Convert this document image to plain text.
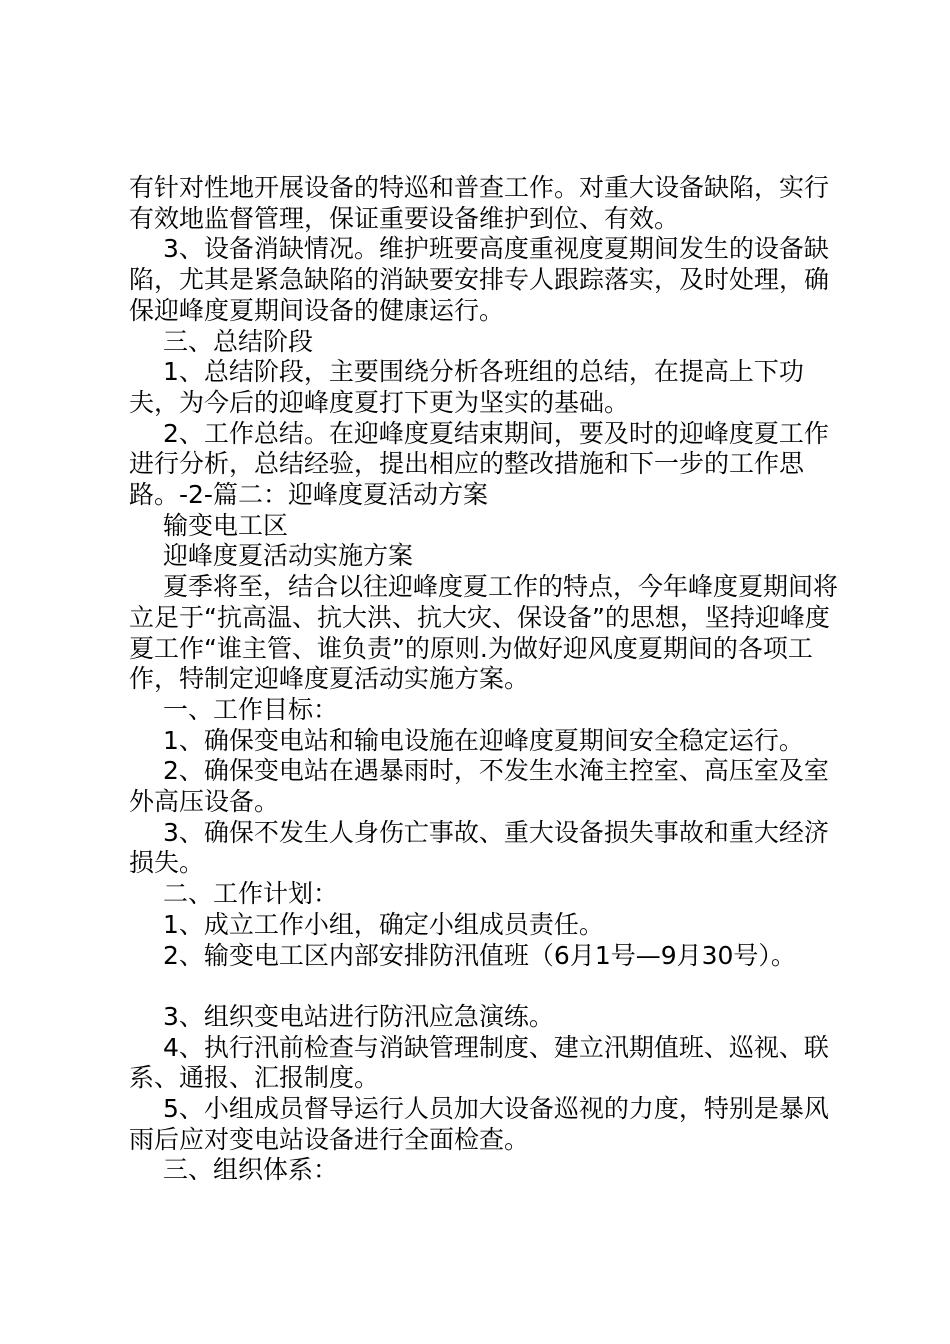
有针对性地开展设备的特巡和普查工作。对重大设备缺陷，实行有效地监督管理，保证重要设备维护到位、有效。

3、设备消缺情况。维护班要高度重视度夏期间发生的设备缺陷，尤其是紧急缺陷的消缺要安排专人跟踪落实，及时处理，确保迎峰度夏期间设备的健康运行。

三、总结阶段

1、总结阶段，主要围绕分析各班组的总结，在提高上下功夫，为今后的迎峰度夏打下更为坚实的基础。

2、工作总结。在迎峰度夏结束期间，要及时的迎峰度夏工作进行分析，总结经验，提出相应的整改措施和下一步的工作思路。-2-篇二：迎峰度夏活动方案

输变电工区

迎峰度夏活动实施方案

夏季将至，结合以往迎峰度夏工作的特点，今年峰度夏期间将立足于“抗高温、抗大洪、抗大灾、保设备”的思想，坚持迎峰度夏工作“谁主管、谁负责”的原则.为做好迎风度夏期间的各项工作，特制定迎峰度夏活动实施方案。

一、工作目标：

1、确保变电站和输电设施在迎峰度夏期间安全稳定运行。

2、确保变电站在遇暴雨时，不发生水淹主控室、高压室及室外高压设备。

3、确保不发生人身伤亡事故、重大设备损失事故和重大经济损失。

二、工作计划：

1、成立工作小组，确定小组成员责任。

2、输变电工区内部安排防汛值班（6月1号—9月30号）。

3、组织变电站进行防汛应急演练。

4、执行汛前检查与消缺管理制度、建立汛期值班、巡视、联系、通报、汇报制度。

5、小组成员督导运行人员加大设备巡视的力度，特别是暴风雨后应对变电站设备进行全面检查。

三、组织体系：
